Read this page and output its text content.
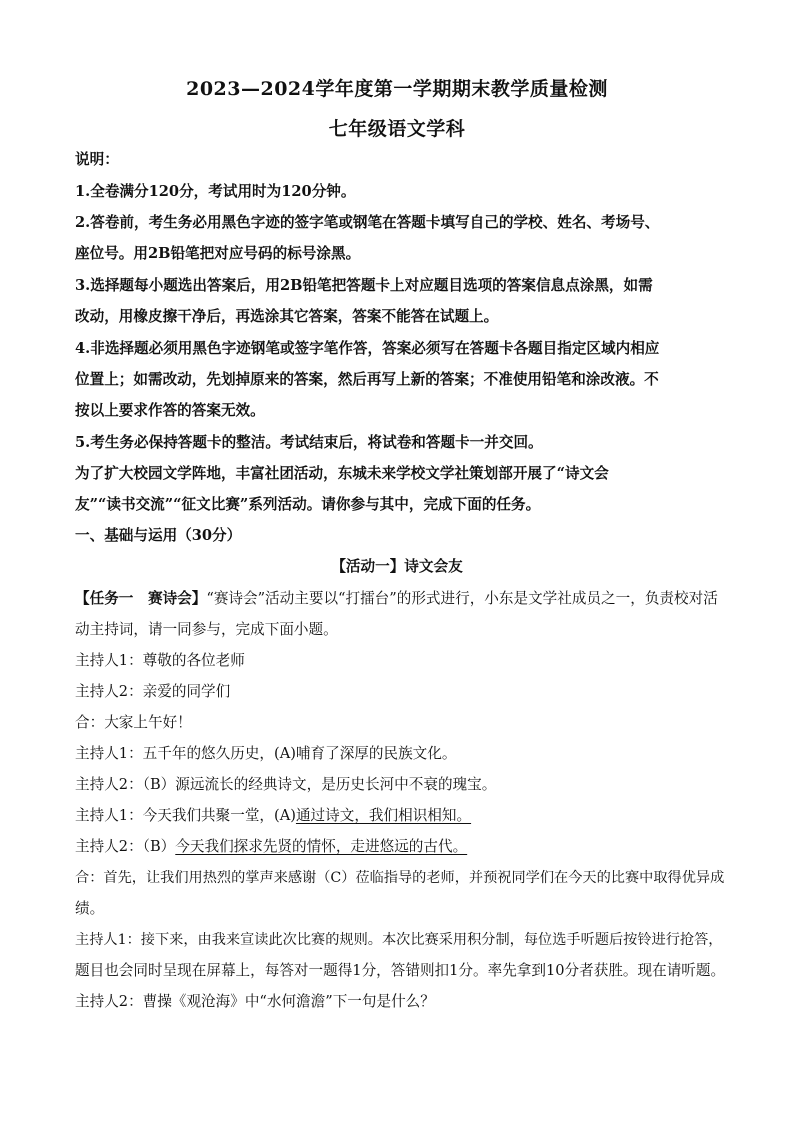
2023—2024学年度第一学期期末教学质量检测
七年级语文学科
说明：
1.全卷满分120分，考试用时为120分钟。
2.答卷前，考生务必用黑色字迹的签字笔或钢笔在答题卡填写自己的学校、姓名、考场号、
座位号。用2B铅笔把对应号码的标号涂黑。
3.选择题每小题选出答案后，用2B铅笔把答题卡上对应题目选项的答案信息点涂黑，如需
改动，用橡皮擦干净后，再选涂其它答案，答案不能答在试题上。
4.非选择题必须用黑色字迹钢笔或签字笔作答，答案必须写在答题卡各题目指定区域内相应
位置上；如需改动，先划掉原来的答案，然后再写上新的答案；不准使用铅笔和涂改液。不
按以上要求作答的答案无效。
5.考生务必保持答题卡的整洁。考试结束后，将试卷和答题卡一并交回。
为了扩大校园文学阵地，丰富社团活动，东城未来学校文学社策划部开展了“诗文会
友”“读书交流”“征文比赛”系列活动。请你参与其中，完成下面的任务。
一、基础与运用（30分）
【活动一】诗文会友
【任务一　赛诗会】“赛诗会”活动主要以“打擂台”的形式进行，小东是文学社成员之一，负责校对活
动主持词，请一同参与，完成下面小题。
主持人1：尊敬的各位老师
主持人2：亲爱的同学们
合：大家上午好！
主持人1：五千年的悠久历史，(A)哺育了深厚的民族文化。
主持人2：（B）源远流长的经典诗文，是历史长河中不衰的瑰宝。
主持人1：今天我们共聚一堂，(A)通过诗文，我们相识相知。
主持人2：（B）今天我们探求先贤的情怀，走进悠远的古代。
合：首先，让我们用热烈的掌声来感谢（C）莅临指导的老师，并预祝同学们在今天的比赛中取得优异成
绩。
主持人1：接下来，由我来宣读此次比赛的规则。本次比赛采用积分制，每位选手听题后按铃进行抢答，
题目也会同时呈现在屏幕上，每答对一题得1分，答错则扣1分。率先拿到10分者获胜。现在请听题。
主持人2：曹操《观沧海》中“水何澹澹”下一句是什么？
